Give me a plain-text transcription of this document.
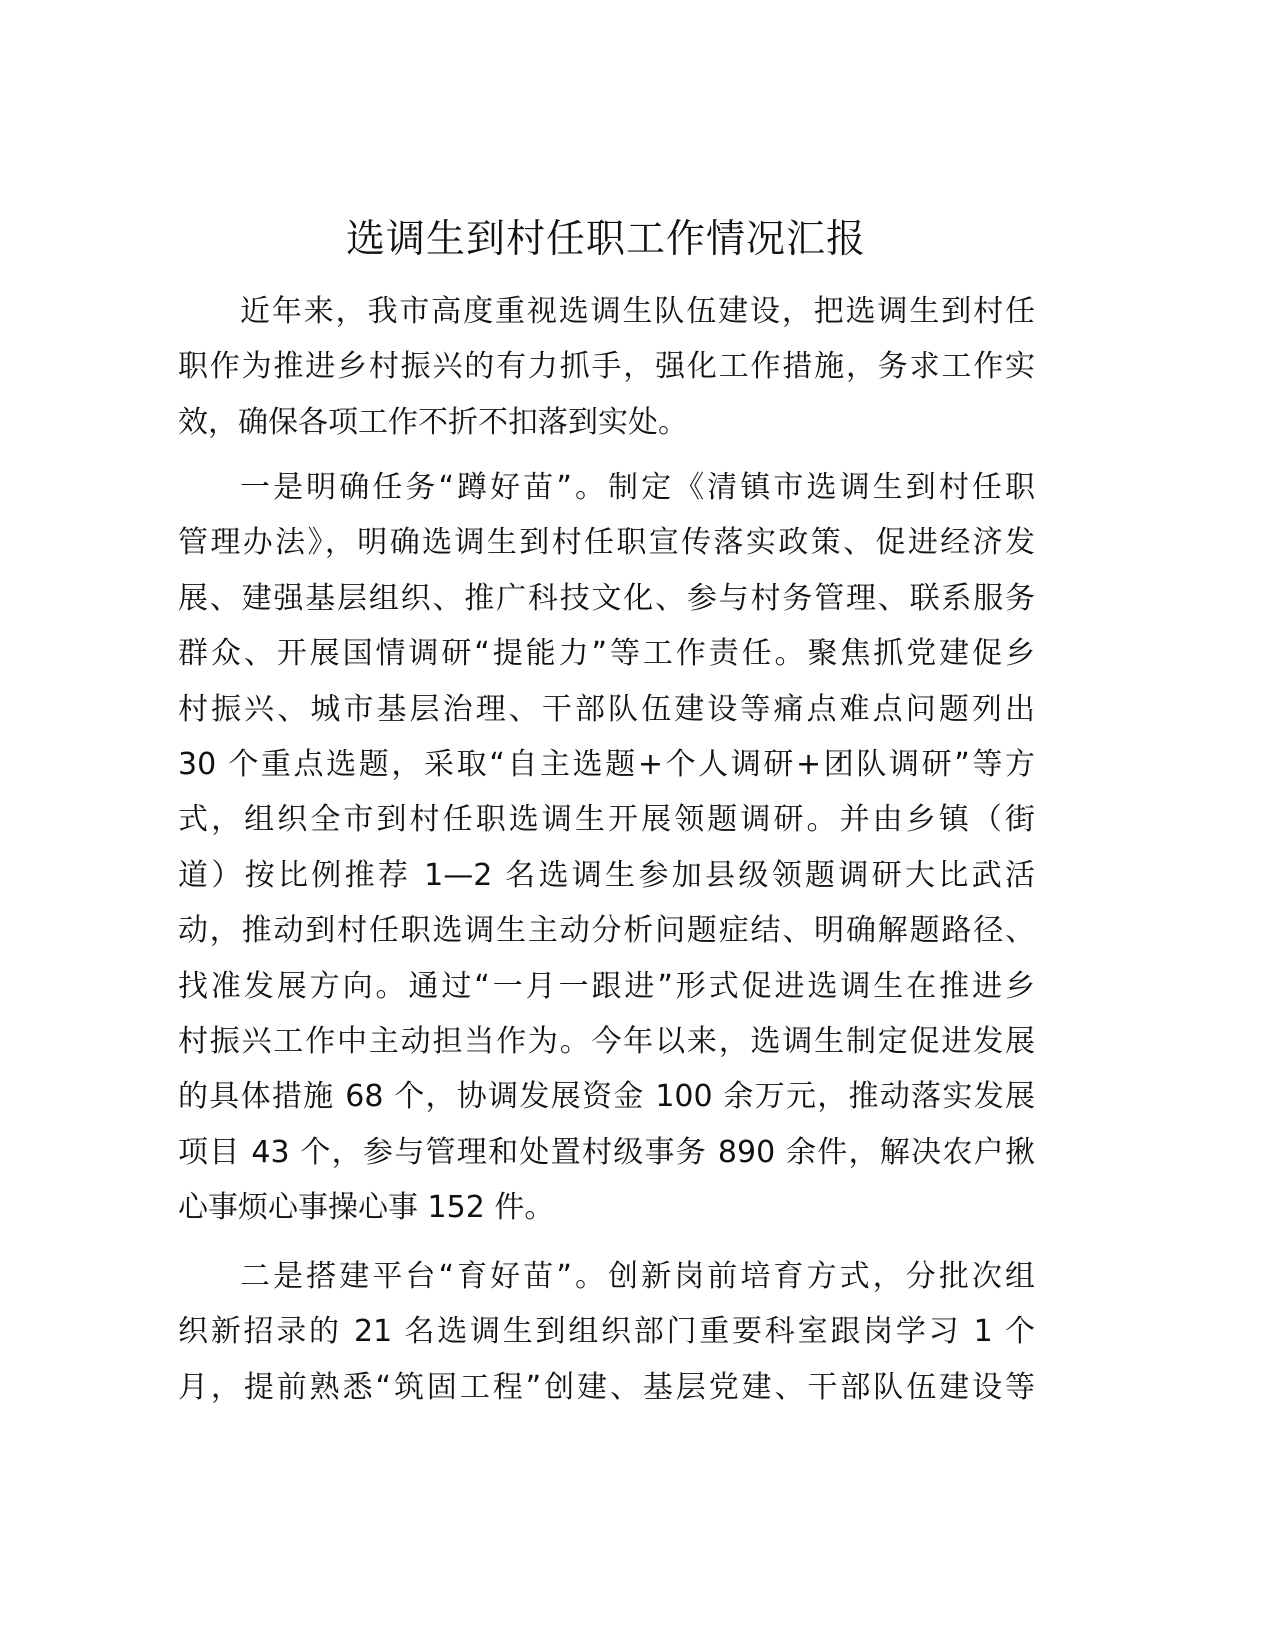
选调生到村任职工作情况汇报
近年来，我市高度重视选调生队伍建设，把选调生到村任
职作为推进乡村振兴的有力抓手，强化工作措施，务求工作实
效，确保各项工作不折不扣落到实处。
一是明确任务“蹲好苗”。制定《清镇市选调生到村任职
管理办法》，明确选调生到村任职宣传落实政策、促进经济发
展、建强基层组织、推广科技文化、参与村务管理、联系服务
群众、开展国情调研“提能力”等工作责任。聚焦抓党建促乡
村振兴、城市基层治理、干部队伍建设等痛点难点问题列出
30 个重点选题，采取“自主选题+个人调研+团队调研”等方
式，组织全市到村任职选调生开展领题调研。并由乡镇（街
道）按比例推荐 1—2 名选调生参加县级领题调研大比武活
动，推动到村任职选调生主动分析问题症结、明确解题路径、
找准发展方向。通过“一月一跟进”形式促进选调生在推进乡
村振兴工作中主动担当作为。今年以来，选调生制定促进发展
的具体措施 68 个，协调发展资金 100 余万元，推动落实发展
项目 43 个，参与管理和处置村级事务 890 余件，解决农户揪
心事烦心事操心事 152 件。
二是搭建平台“育好苗”。创新岗前培育方式，分批次组
织新招录的 21 名选调生到组织部门重要科室跟岗学习 1 个
月，提前熟悉“筑固工程”创建、基层党建、干部队伍建设等
